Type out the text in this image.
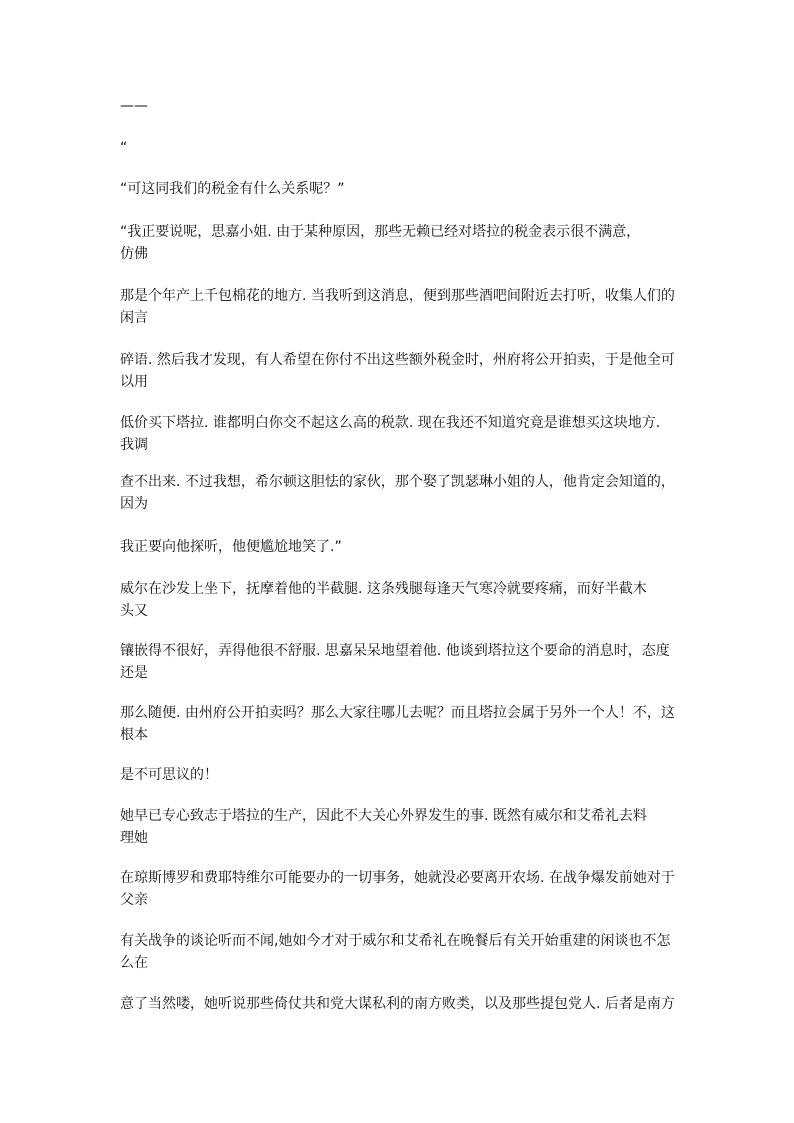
——
“
“可这同我们的税金有什么关系呢？”
“我正要说呢，思嘉小姐. 由于某种原因，那些无赖已经对塔拉的税金表示很不满意，
仿佛
那是个年产上千包棉花的地方. 当我听到这消息，便到那些酒吧间附近去打听，收集人们的
闲言
碎语. 然后我才发现，有人希望在你付不出这些额外税金时，州府将公开拍卖，于是他全可
以用
低价买下塔拉. 谁都明白你交不起这么高的税款. 现在我还不知道究竟是谁想买这块地方.
我调
查不出来. 不过我想，希尔顿这胆怯的家伙，那个娶了凯瑟琳小姐的人，他肯定会知道的，
因为
我正要向他探听，他便尴尬地笑了.”
威尔在沙发上坐下，抚摩着他的半截腿. 这条残腿每逢天气寒冷就要疼痛，而好半截木
头又
镶嵌得不很好，弄得他很不舒服. 思嘉呆呆地望着他. 他谈到塔拉这个要命的消息时，态度
还是
那么随便. 由州府公开拍卖吗？那么大家往哪儿去呢？而且塔拉会属于另外一个人！不，这
根本
是不可思议的！
她早已专心致志于塔拉的生产，因此不大关心外界发生的事. 既然有威尔和艾希礼去料
理她
在琼斯博罗和费耶特维尔可能要办的一切事务，她就没必要离开农场. 在战争爆发前她对于
父亲
有关战争的谈论听而不闻,她如今才对于威尔和艾希礼在晚餐后有关开始重建的闲谈也不怎
么在
意了当然喽，她听说那些倚仗共和党大谋私利的南方败类，以及那些提包党人. 后者是南方
